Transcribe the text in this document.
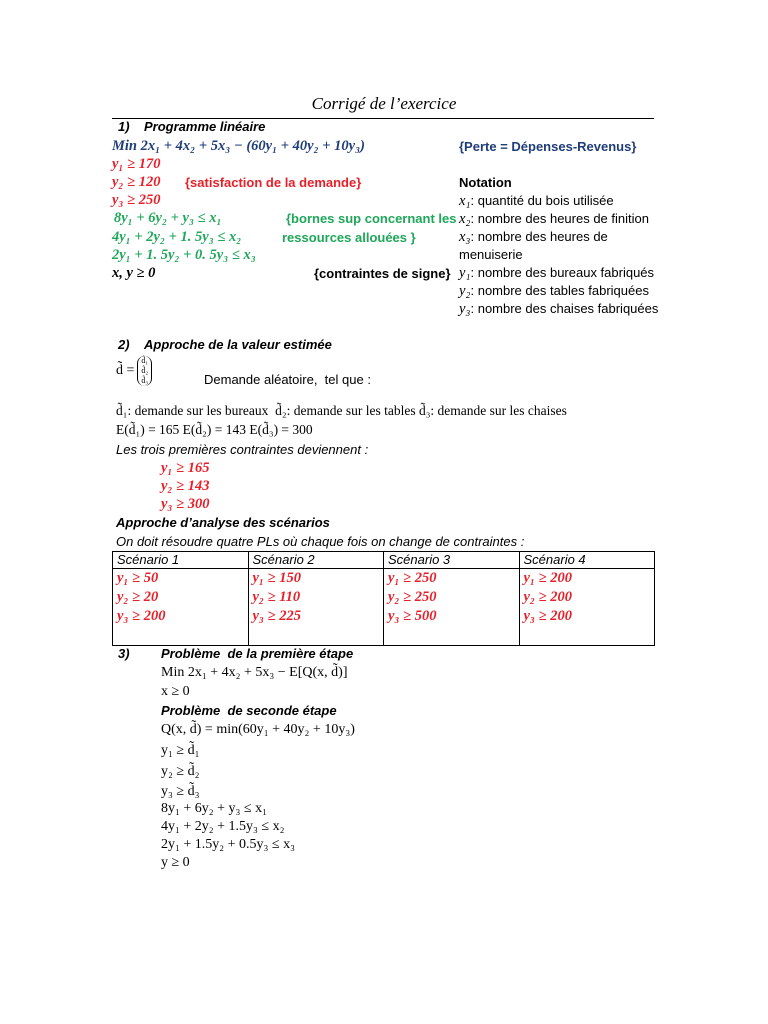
Corrigé de l’exercice
1)    Programme linéaire
Min 2x₁ + 4x₂ + 5x₃ − (60y₁ + 40y₂ + 10y₃)	{Perte = Dépenses-Revenus}
y₁ ≥ 170
y₂ ≥ 120 {satisfaction de la demande}
y₃ ≥ 250
8y₁ + 6y₂ + y₃ ≤ x₁	{bornes sup concernant les
4y₁ + 2y₂ + 1. 5y₃ ≤ x₂	ressources allouées }
2y₁ + 1. 5y₂ + 0. 5y₃ ≤ x₃
x, y ≥ 0	{contraintes de signe}
Notation
x₁: quantité du bois utilisée
x₂: nombre des heures de finition
x₃: nombre des heures de
menuiserie
y₁: nombre des bureaux fabriqués
y₂: nombre des tables fabriquées
y₃: nombre des chaises fabriquées
2)    Approche de la valeur estimée
d̃ =
d̃₁
d̃₂
d̃₃	Demande aléatoire,  tel que :
d̃₁: demande sur les bureaux  d̃₂: demande sur les tables d̃₃: demande sur les chaises
E(d̃₁) = 165 E(d̃₂) = 143 E(d̃₃) = 300
Les trois premières contraintes deviennent :
y₁ ≥ 165
y₂ ≥ 143
y₃ ≥ 300
Approche d’analyse des scénarios
On doit résoudre quatre PLs où chaque fois on change de contraintes :
Scénario 1	Scénario 2	Scénario 3	Scénario 4

y₁ ≥ 50
y₂ ≥ 20
y₃ ≥ 200	y₁ ≥ 150
y₂ ≥ 110
y₃ ≥ 225	y₁ ≥ 250
y₂ ≥ 250
y₃ ≥ 500	y₁ ≥ 200
y₂ ≥ 200
y₃ ≥ 200
3) Problème  de la première étape
Min 2x₁ + 4x₂ + 5x₃ − E[Q(x, d̃)]
x ≥ 0
Problème  de seconde étape
Q(x, d̃) = min(60y₁ + 40y₂ + 10y₃)
y₁ ≥ d̃₁
y₂ ≥ d̃₂
y₃ ≥ d̃₃
8y₁ + 6y₂ + y₃ ≤ x₁
4y₁ + 2y₂ + 1.5y₃ ≤ x₂
2y₁ + 1.5y₂ + 0.5y₃ ≤ x₃
y ≥ 0
